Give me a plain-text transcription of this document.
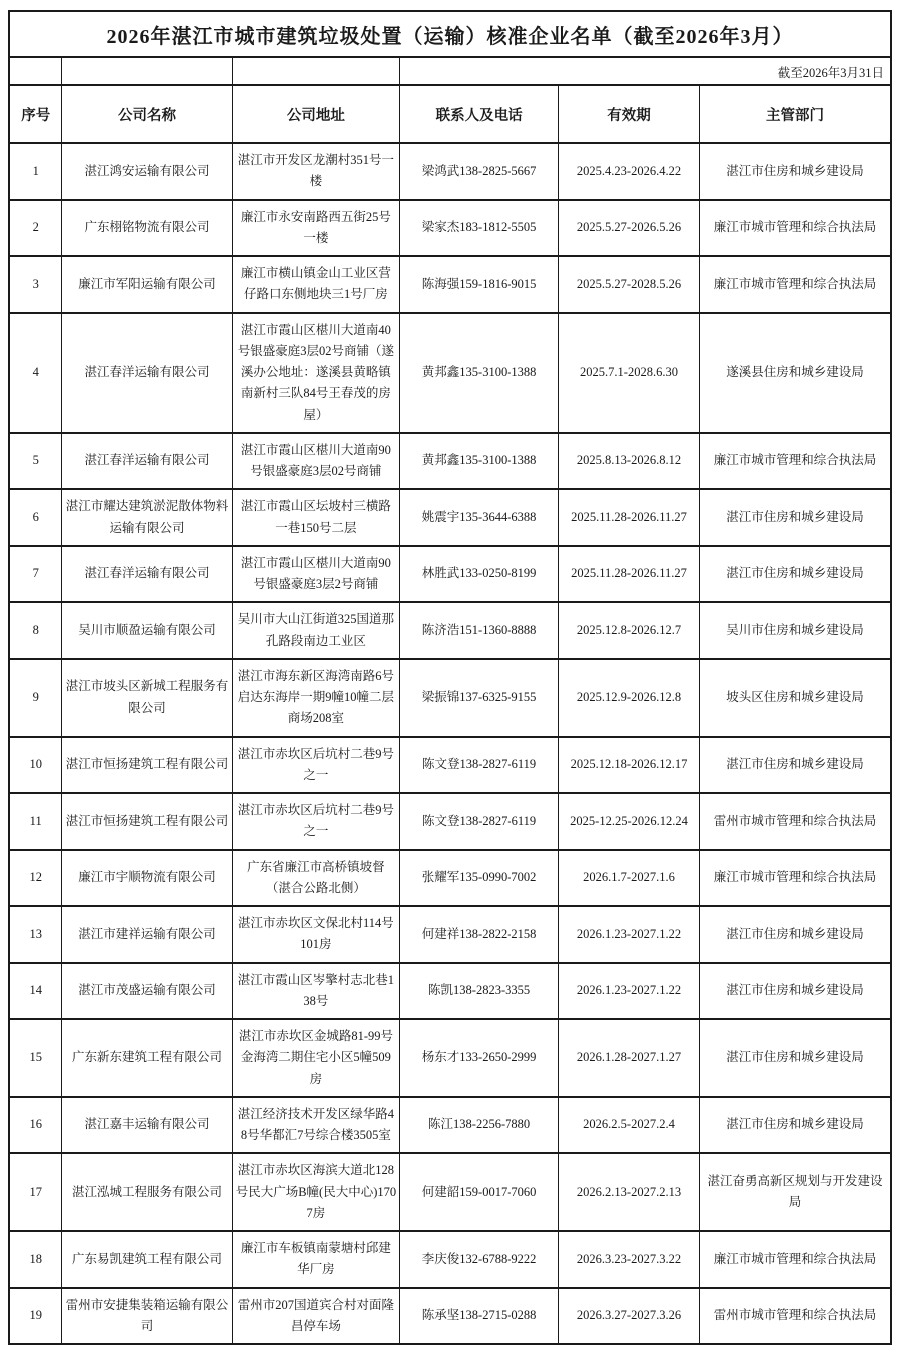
2026年湛江市城市建筑垃圾处置（运输）核准企业名单（截至2026年3月）					
			截至2026年3月31日		
序号	公司名称	公司地址	联系人及电话	有效期	主管部门
1	湛江鸿安运输有限公司	湛江市开发区龙潮村351号一楼	梁鸿武138-2825-5667	2025.4.23-2026.4.22	湛江市住房和城乡建设局
2	广东栩铭物流有限公司	廉江市永安南路西五街25号一楼	梁家杰183-1812-5505	2025.5.27-2026.5.26	廉江市城市管理和综合执法局
3	廉江市军阳运输有限公司	廉江市横山镇金山工业区营仔路口东侧地块三1号厂房	陈海强159-1816-9015	2025.5.27-2028.5.26	廉江市城市管理和综合执法局
4	湛江春洋运输有限公司	湛江市霞山区椹川大道南40号银盛豪庭3层02号商铺（遂溪办公地址：遂溪县黄略镇南新村三队84号王春茂的房屋）	黄邦鑫135-3100-1388	2025.7.1-2028.6.30	遂溪县住房和城乡建设局
5	湛江春洋运输有限公司	湛江市霞山区椹川大道南90号银盛豪庭3层02号商铺	黄邦鑫135-3100-1388	2025.8.13-2026.8.12	廉江市城市管理和综合执法局
6	湛江市耀达建筑淤泥散体物料运输有限公司	湛江市霞山区坛坡村三横路一巷150号二层	姚震宇135-3644-6388	2025.11.28-2026.11.27	湛江市住房和城乡建设局
7	湛江春洋运输有限公司	湛江市霞山区椹川大道南90号银盛豪庭3层2号商铺	林胜武133-0250-8199	2025.11.28-2026.11.27	湛江市住房和城乡建设局
8	吴川市顺盈运输有限公司	吴川市大山江街道325国道那孔路段南边工业区	陈济浩151-1360-8888	2025.12.8-2026.12.7	吴川市住房和城乡建设局
9	湛江市坡头区新城工程服务有限公司	湛江市海东新区海湾南路6号启达东海岸一期9幢10幢二层商场208室	梁振锦137-6325-9155	2025.12.9-2026.12.8	坡头区住房和城乡建设局
10	湛江市恒扬建筑工程有限公司	湛江市赤坎区后坑村二巷9号之一	陈文登138-2827-6119	2025.12.18-2026.12.17	湛江市住房和城乡建设局
11	湛江市恒扬建筑工程有限公司	湛江市赤坎区后坑村二巷9号之一	陈文登138-2827-6119	2025-12.25-2026.12.24	雷州市城市管理和综合执法局
12	廉江市宇顺物流有限公司	广东省廉江市高桥镇坡督（湛合公路北侧）	张耀军135-0990-7002	2026.1.7-2027.1.6	廉江市城市管理和综合执法局
13	湛江市建祥运输有限公司	湛江市赤坎区文保北村114号101房	何建祥138-2822-2158	2026.1.23-2027.1.22	湛江市住房和城乡建设局
14	湛江市茂盛运输有限公司	湛江市霞山区岑擎村志北巷138号	陈凯138-2823-3355	2026.1.23-2027.1.22	湛江市住房和城乡建设局
15	广东新东建筑工程有限公司	湛江市赤坎区金城路81-99号金海湾二期住宅小区5幢509房	杨东才133-2650-2999	2026.1.28-2027.1.27	湛江市住房和城乡建设局
16	湛江嘉丰运输有限公司	湛江经济技术开发区绿华路48号华都汇7号综合楼3505室	陈江138-2256-7880	2026.2.5-2027.2.4	湛江市住房和城乡建设局
17	湛江泓城工程服务有限公司	湛江市赤坎区海滨大道北128号民大广场B幢(民大中心)1707房	何建韶159-0017-7060	2026.2.13-2027.2.13	湛江奋勇高新区规划与开发建设局
18	广东易凯建筑工程有限公司	廉江市车板镇南蒙塘村邱建华厂房	李庆俊132-6788-9222	2026.3.23-2027.3.22	廉江市城市管理和综合执法局
19	雷州市安捷集装箱运输有限公司	雷州市207国道宾合村对面隆昌停车场	陈承坚138-2715-0288	2026.3.27-2027.3.26	雷州市城市管理和综合执法局
